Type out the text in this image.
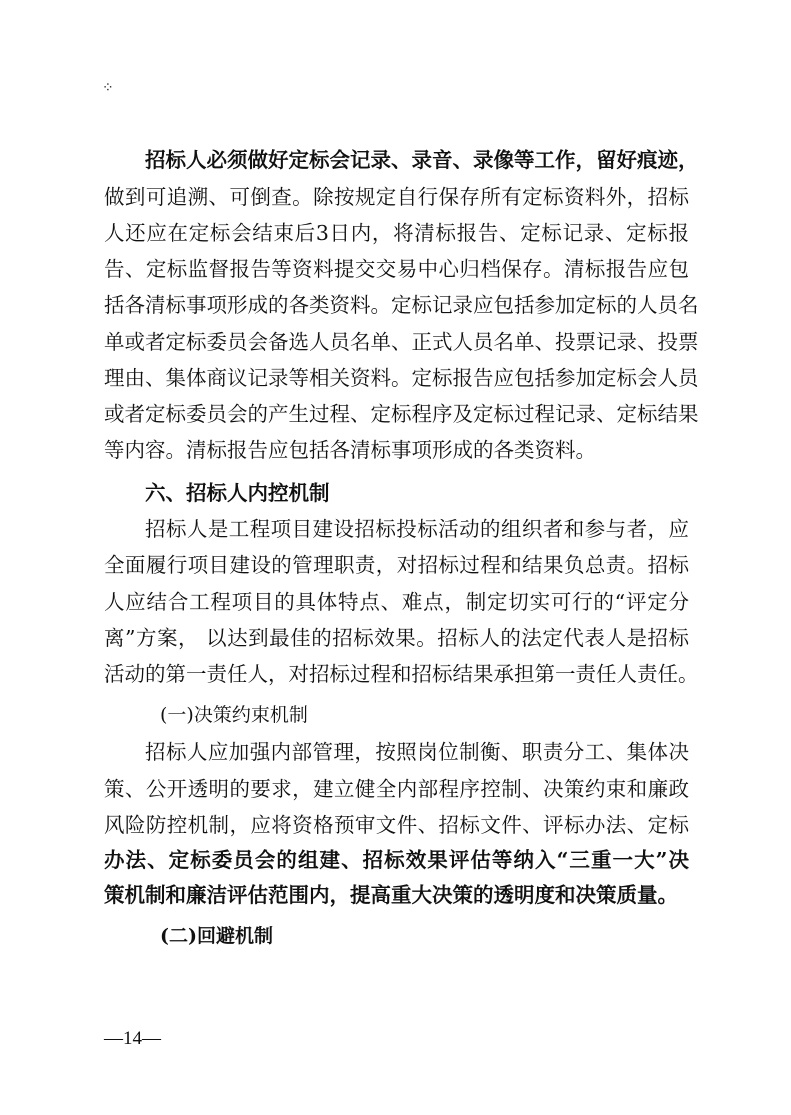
⁘
招标人必须做好定标会记录、录音、录像等工作，留好痕迹，
做到可追溯、可倒查。除按规定自行保存所有定标资料外，招标
人还应在定标会结束后3日内，将清标报告、定标记录、定标报
告、定标监督报告等资料提交交易中心归档保存。清标报告应包
括各清标事项形成的各类资料。定标记录应包括参加定标的人员名
单或者定标委员会备选人员名单、正式人员名单、投票记录、投票
理由、集体商议记录等相关资料。定标报告应包括参加定标会人员
或者定标委员会的产生过程、定标程序及定标过程记录、定标结果
等内容。清标报告应包括各清标事项形成的各类资料。
六、招标人内控机制
招标人是工程项目建设招标投标活动的组织者和参与者，应
全面履行项目建设的管理职责，对招标过程和结果负总责。招标
人应结合工程项目的具体特点、难点，制定切实可行的“评定分
离”方案， 以达到最佳的招标效果。招标人的法定代表人是招标
活动的第一责任人，对招标过程和招标结果承担第一责任人责任。
(一)决策约束机制
招标人应加强内部管理，按照岗位制衡、职责分工、集体决
策、公开透明的要求，建立健全内部程序控制、决策约束和廉政
风险防控机制，应将资格预审文件、招标文件、评标办法、定标
办法、定标委员会的组建、招标效果评估等纳入“三重一大”决
策机制和廉洁评估范围内，提高重大决策的透明度和决策质量。
(二)回避机制
—14—
